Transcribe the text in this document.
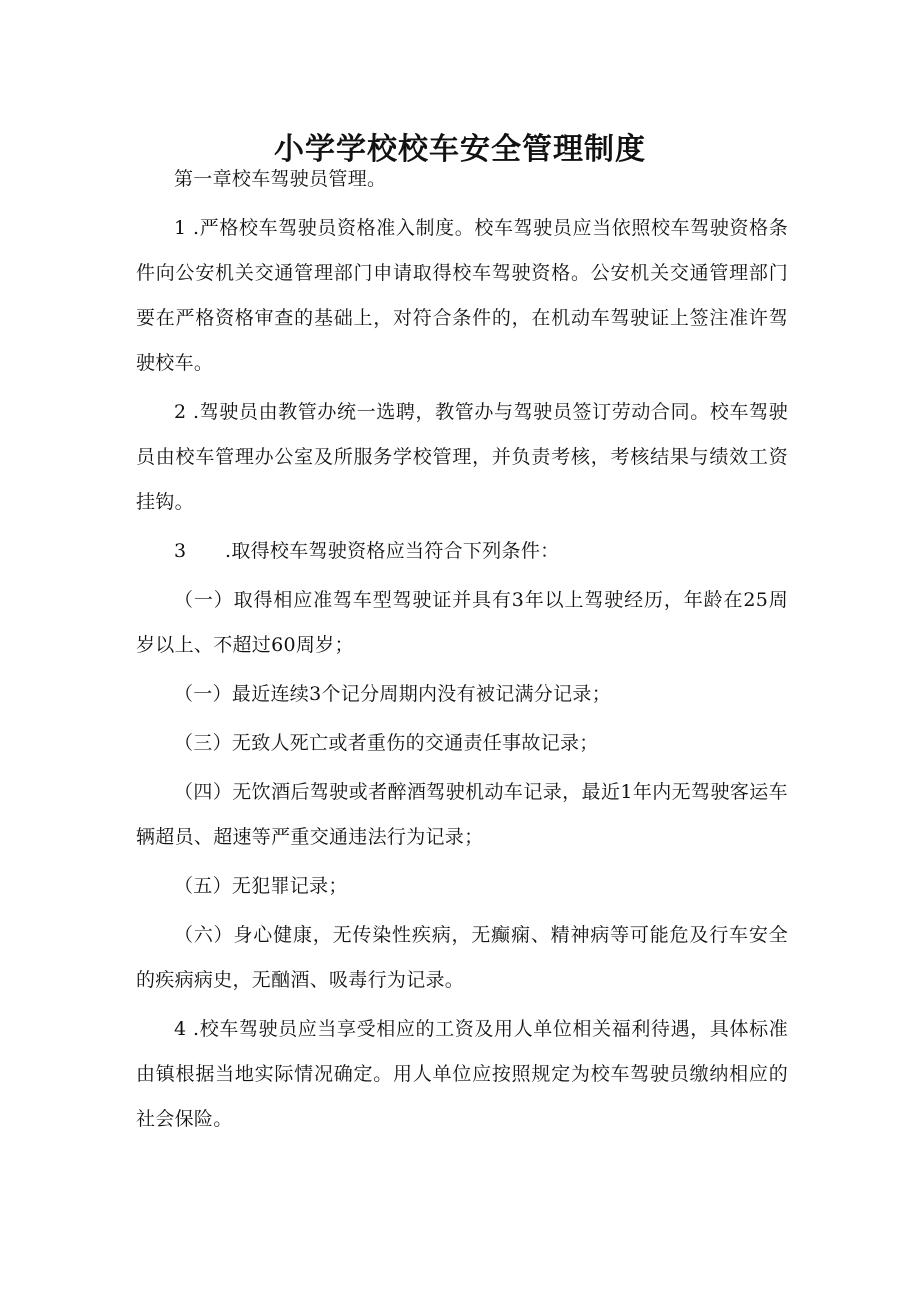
小学学校校车安全管理制度

第一章校车驾驶员管理。

1 .严格校车驾驶员资格准入制度。校车驾驶员应当依照校车驾驶资格条件向公安机关交通管理部门申请取得校车驾驶资格。公安机关交通管理部门要在严格资格审查的基础上，对符合条件的，在机动车驾驶证上签注准许驾驶校车。

2 .驾驶员由教管办统一选聘，教管办与驾驶员签订劳动合同。校车驾驶员由校车管理办公室及所服务学校管理，并负责考核，考核结果与绩效工资挂钩。

3　　.取得校车驾驶资格应当符合下列条件：

（一）取得相应准驾车型驾驶证并具有3年以上驾驶经历，年龄在25周岁以上、不超过60周岁；

（一）最近连续3个记分周期内没有被记满分记录；

（三）无致人死亡或者重伤的交通责任事故记录；

（四）无饮酒后驾驶或者醉酒驾驶机动车记录，最近1年内无驾驶客运车辆超员、超速等严重交通违法行为记录；

（五）无犯罪记录；

（六）身心健康，无传染性疾病，无癫痫、精神病等可能危及行车安全的疾病病史，无酗酒、吸毒行为记录。

4 .校车驾驶员应当享受相应的工资及用人单位相关福利待遇，具体标准由镇根据当地实际情况确定。用人单位应按照规定为校车驾驶员缴纳相应的社会保险。
